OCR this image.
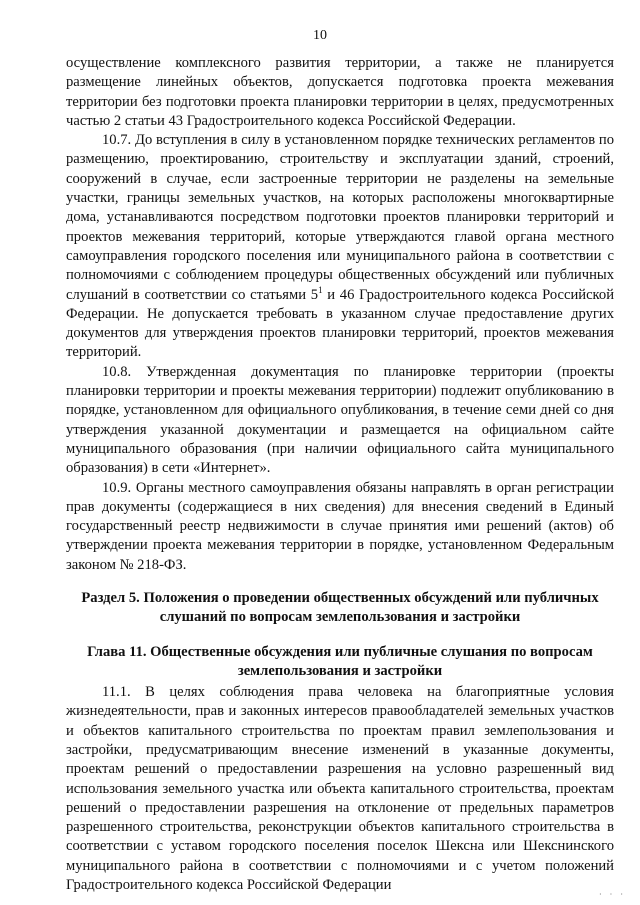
10

осуществление комплексного развития территории, а также не планируется размещение линейных объектов, допускается подготовка проекта межевания территории без подготовки проекта планировки территории в целях, предусмотренных частью 2 статьи 43 Градостроительного кодекса Российской Федерации.

10.7. До вступления в силу в установленном порядке технических регламентов по размещению, проектированию, строительству и эксплуатации зданий, строений, сооружений в случае, если застроенные территории не разделены на земельные участки, границы земельных участков, на которых расположены многоквартирные дома, устанавливаются посредством подготовки проектов планировки территорий и проектов межевания территорий, которые утверждаются главой органа местного самоуправления городского поселения или муниципального района в соответствии с полномочиями с соблюдением процедуры общественных обсуждений или публичных слушаний в соответствии со статьями $5^1$ и 46 Градостроительного кодекса Российской Федерации. Не допускается требовать в указанном случае предоставление других документов для утверждения проектов планировки территорий, проектов межевания территорий.

10.8. Утвержденная документация по планировке территории (проекты планировки территории и проекты межевания территории) подлежит опубликованию в порядке, установленном для официального опубликования, в течение семи дней со дня утверждения указанной документации и размещается на официальном сайте муниципального образования (при наличии официального сайта муниципального образования) в сети «Интернет».

10.9. Органы местного самоуправления обязаны направлять в орган регистрации прав документы (содержащиеся в них сведения) для внесения сведений в Единый государственный реестр недвижимости в случае принятия ими решений (актов) об утверждении проекта межевания территории в порядке, установленном Федеральным законом № 218-ФЗ.

Раздел 5. Положения о проведении общественных обсуждений или публичных слушаний по вопросам землепользования и застройки
Глава 11. Общественные обсуждения или публичные слушания по вопросам землепользования и застройки

11.1. В целях соблюдения права человека на благоприятные условия жизнедеятельности, прав и законных интересов правообладателей земельных участков и объектов капитального строительства по проектам правил землепользования и застройки, предусматривающим внесение изменений в указанные документы, проектам решений о предоставлении разрешения на условно разрешенный вид использования земельного участка или объекта капитального строительства, проектам решений о предоставлении разрешения на отклонение от предельных параметров разрешенного строительства, реконструкции объектов капитального строительства в соответствии с уставом городского поселения поселок Шексна или Шекснинского муниципального района в соответствии с полномочиями и с учетом положений Градостроительного кодекса Российской Федерации

· · ·
